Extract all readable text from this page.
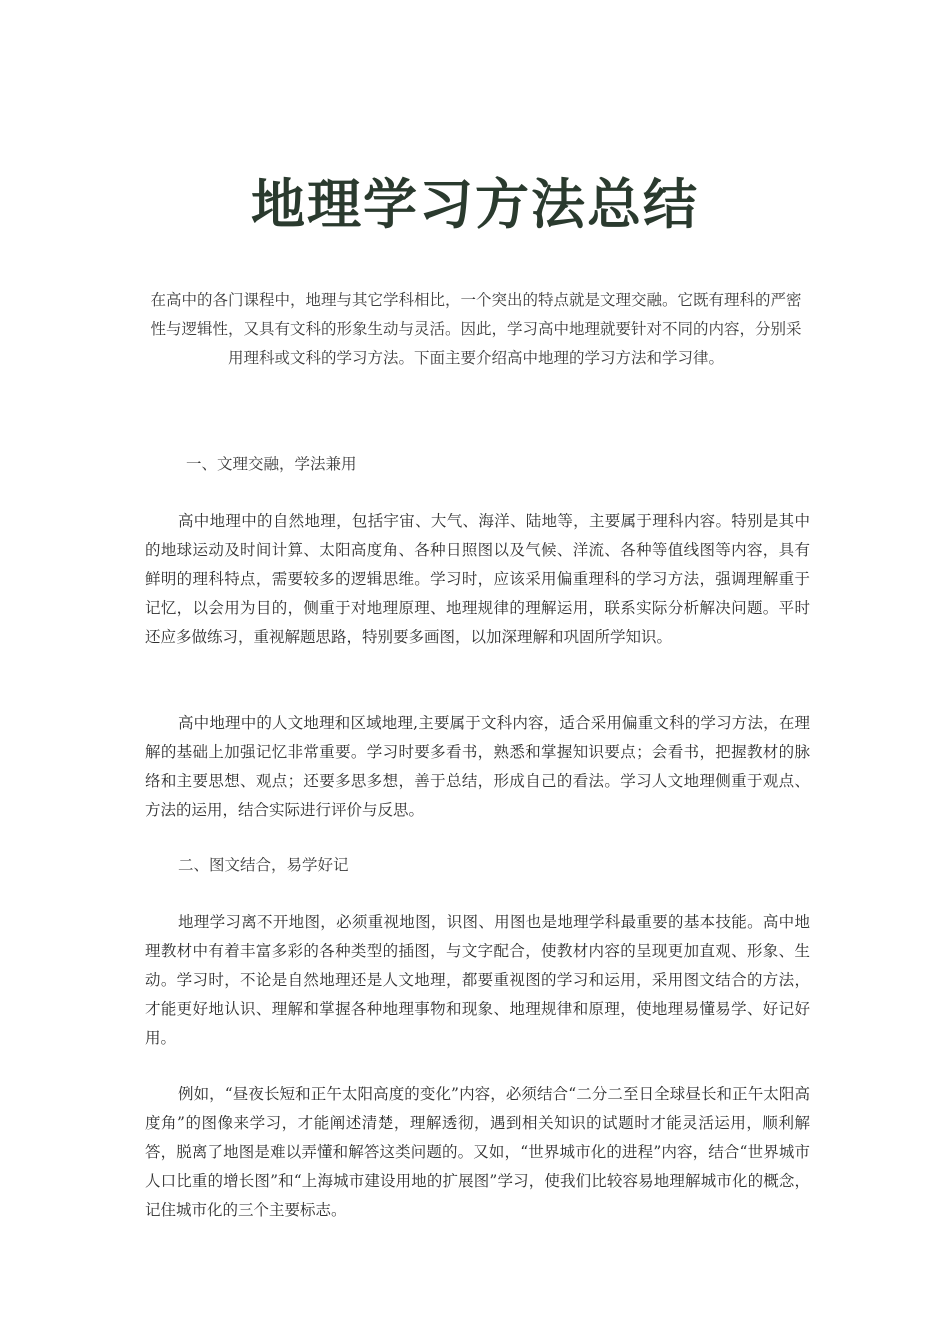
地理学习方法总结
在高中的各门课程中，地理与其它学科相比，一个突出的特点就是文理交融。它既有理科的严密性与逻辑性，又具有文科的形象生动与灵活。因此，学习高中地理就要针对不同的内容，分别采用理科或文科的学习方法。下面主要介绍高中地理的学习方法和学习律。
一、文理交融，学法兼用
高中地理中的自然地理，包括宇宙、大气、海洋、陆地等，主要属于理科内容。特别是其中的地球运动及时间计算、太阳高度角、各种日照图以及气候、洋流、各种等值线图等内容，具有鲜明的理科特点，需要较多的逻辑思维。学习时，应该采用偏重理科的学习方法，强调理解重于记忆，以会用为目的，侧重于对地理原理、地理规律的理解运用，联系实际分析解决问题。平时还应多做练习，重视解题思路，特别要多画图，以加深理解和巩固所学知识。
高中地理中的人文地理和区域地理,主要属于文科内容，适合采用偏重文科的学习方法，在理解的基础上加强记忆非常重要。学习时要多看书，熟悉和掌握知识要点；会看书，把握教材的脉络和主要思想、观点；还要多思多想，善于总结，形成自己的看法。学习人文地理侧重于观点、方法的运用，结合实际进行评价与反思。
二、图文结合，易学好记
地理学习离不开地图，必须重视地图，识图、用图也是地理学科最重要的基本技能。高中地理教材中有着丰富多彩的各种类型的插图，与文字配合，使教材内容的呈现更加直观、形象、生动。学习时，不论是自然地理还是人文地理，都要重视图的学习和运用，采用图文结合的方法，才能更好地认识、理解和掌握各种地理事物和现象、地理规律和原理，使地理易懂易学、好记好用。
例如，“昼夜长短和正午太阳高度的变化”内容，必须结合“二分二至日全球昼长和正午太阳高度角”的图像来学习，才能阐述清楚，理解透彻，遇到相关知识的试题时才能灵活运用，顺利解答，脱离了地图是难以弄懂和解答这类问题的。又如，“世界城市化的进程”内容，结合“世界城市人口比重的增长图”和“上海城市建设用地的扩展图”学习，使我们比较容易地理解城市化的概念，记住城市化的三个主要标志。
